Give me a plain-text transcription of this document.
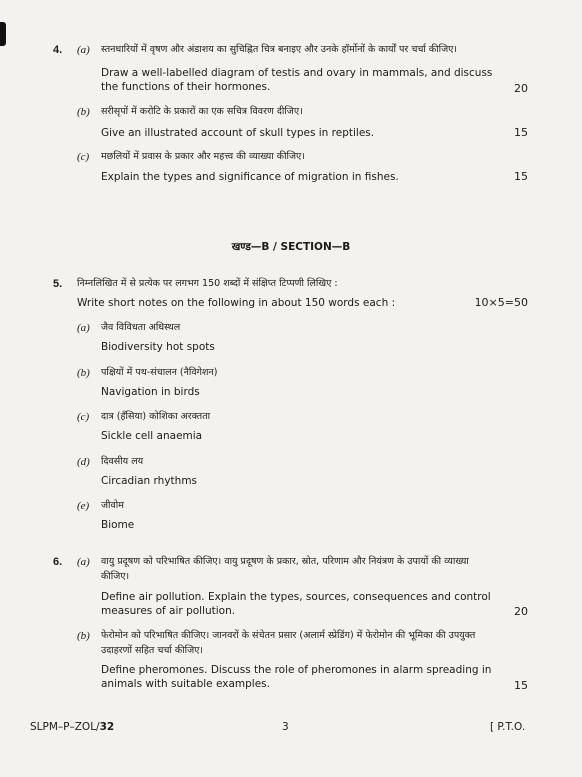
4. (a) स्तनधारियों में वृषण और अंडाशय का सुचिह्नित चित्र बनाइए और उनके हॉर्मोनों के कार्यों पर चर्चा कीजिए।
Draw a well-labelled diagram of testis and ovary in mammals, and discuss the functions of their hormones.	20
(b) सरीसृपों में करोटि के प्रकारों का एक सचित्र विवरण दीजिए।
Give an illustrated account of skull types in reptiles.	15
(c) मछलियों में प्रवास के प्रकार और महत्त्व की व्याख्या कीजिए।
Explain the types and significance of migration in fishes.	15
खण्ड—B / SECTION—B
5. निम्नलिखित में से प्रत्येक पर लगभग 150 शब्दों में संक्षिप्त टिप्पणी लिखिए :
Write short notes on the following in about 150 words each :	10×5=50
(a) जैव विविधता अधिस्थल
Biodiversity hot spots
(b) पक्षियों में पथ-संचालन (नैविगेशन)
Navigation in birds
(c) दात्र (हँसिया) कोशिका अरक्तता
Sickle cell anaemia
(d) दिवसीय लय
Circadian rhythms
(e) जीवोम
Biome
6. (a) वायु प्रदूषण को परिभाषित कीजिए। वायु प्रदूषण के प्रकार, स्रोत, परिणाम और नियंत्रण के उपायों की व्याख्या
कीजिए।
Define air pollution. Explain the types, sources, consequences and control measures of air pollution.	20
(b) फेरोमोन को परिभाषित कीजिए। जानवरों के संचेतन प्रसार (अलार्म स्प्रेडिंग) में फेरोमोन की भूमिका की उपयुक्त
उदाहरणों सहित चर्चा कीजिए।
Define pheromones. Discuss the role of pheromones in alarm spreading in animals with suitable examples.	15
SLPM–P–ZOL/32	3	[ P.T.O.
